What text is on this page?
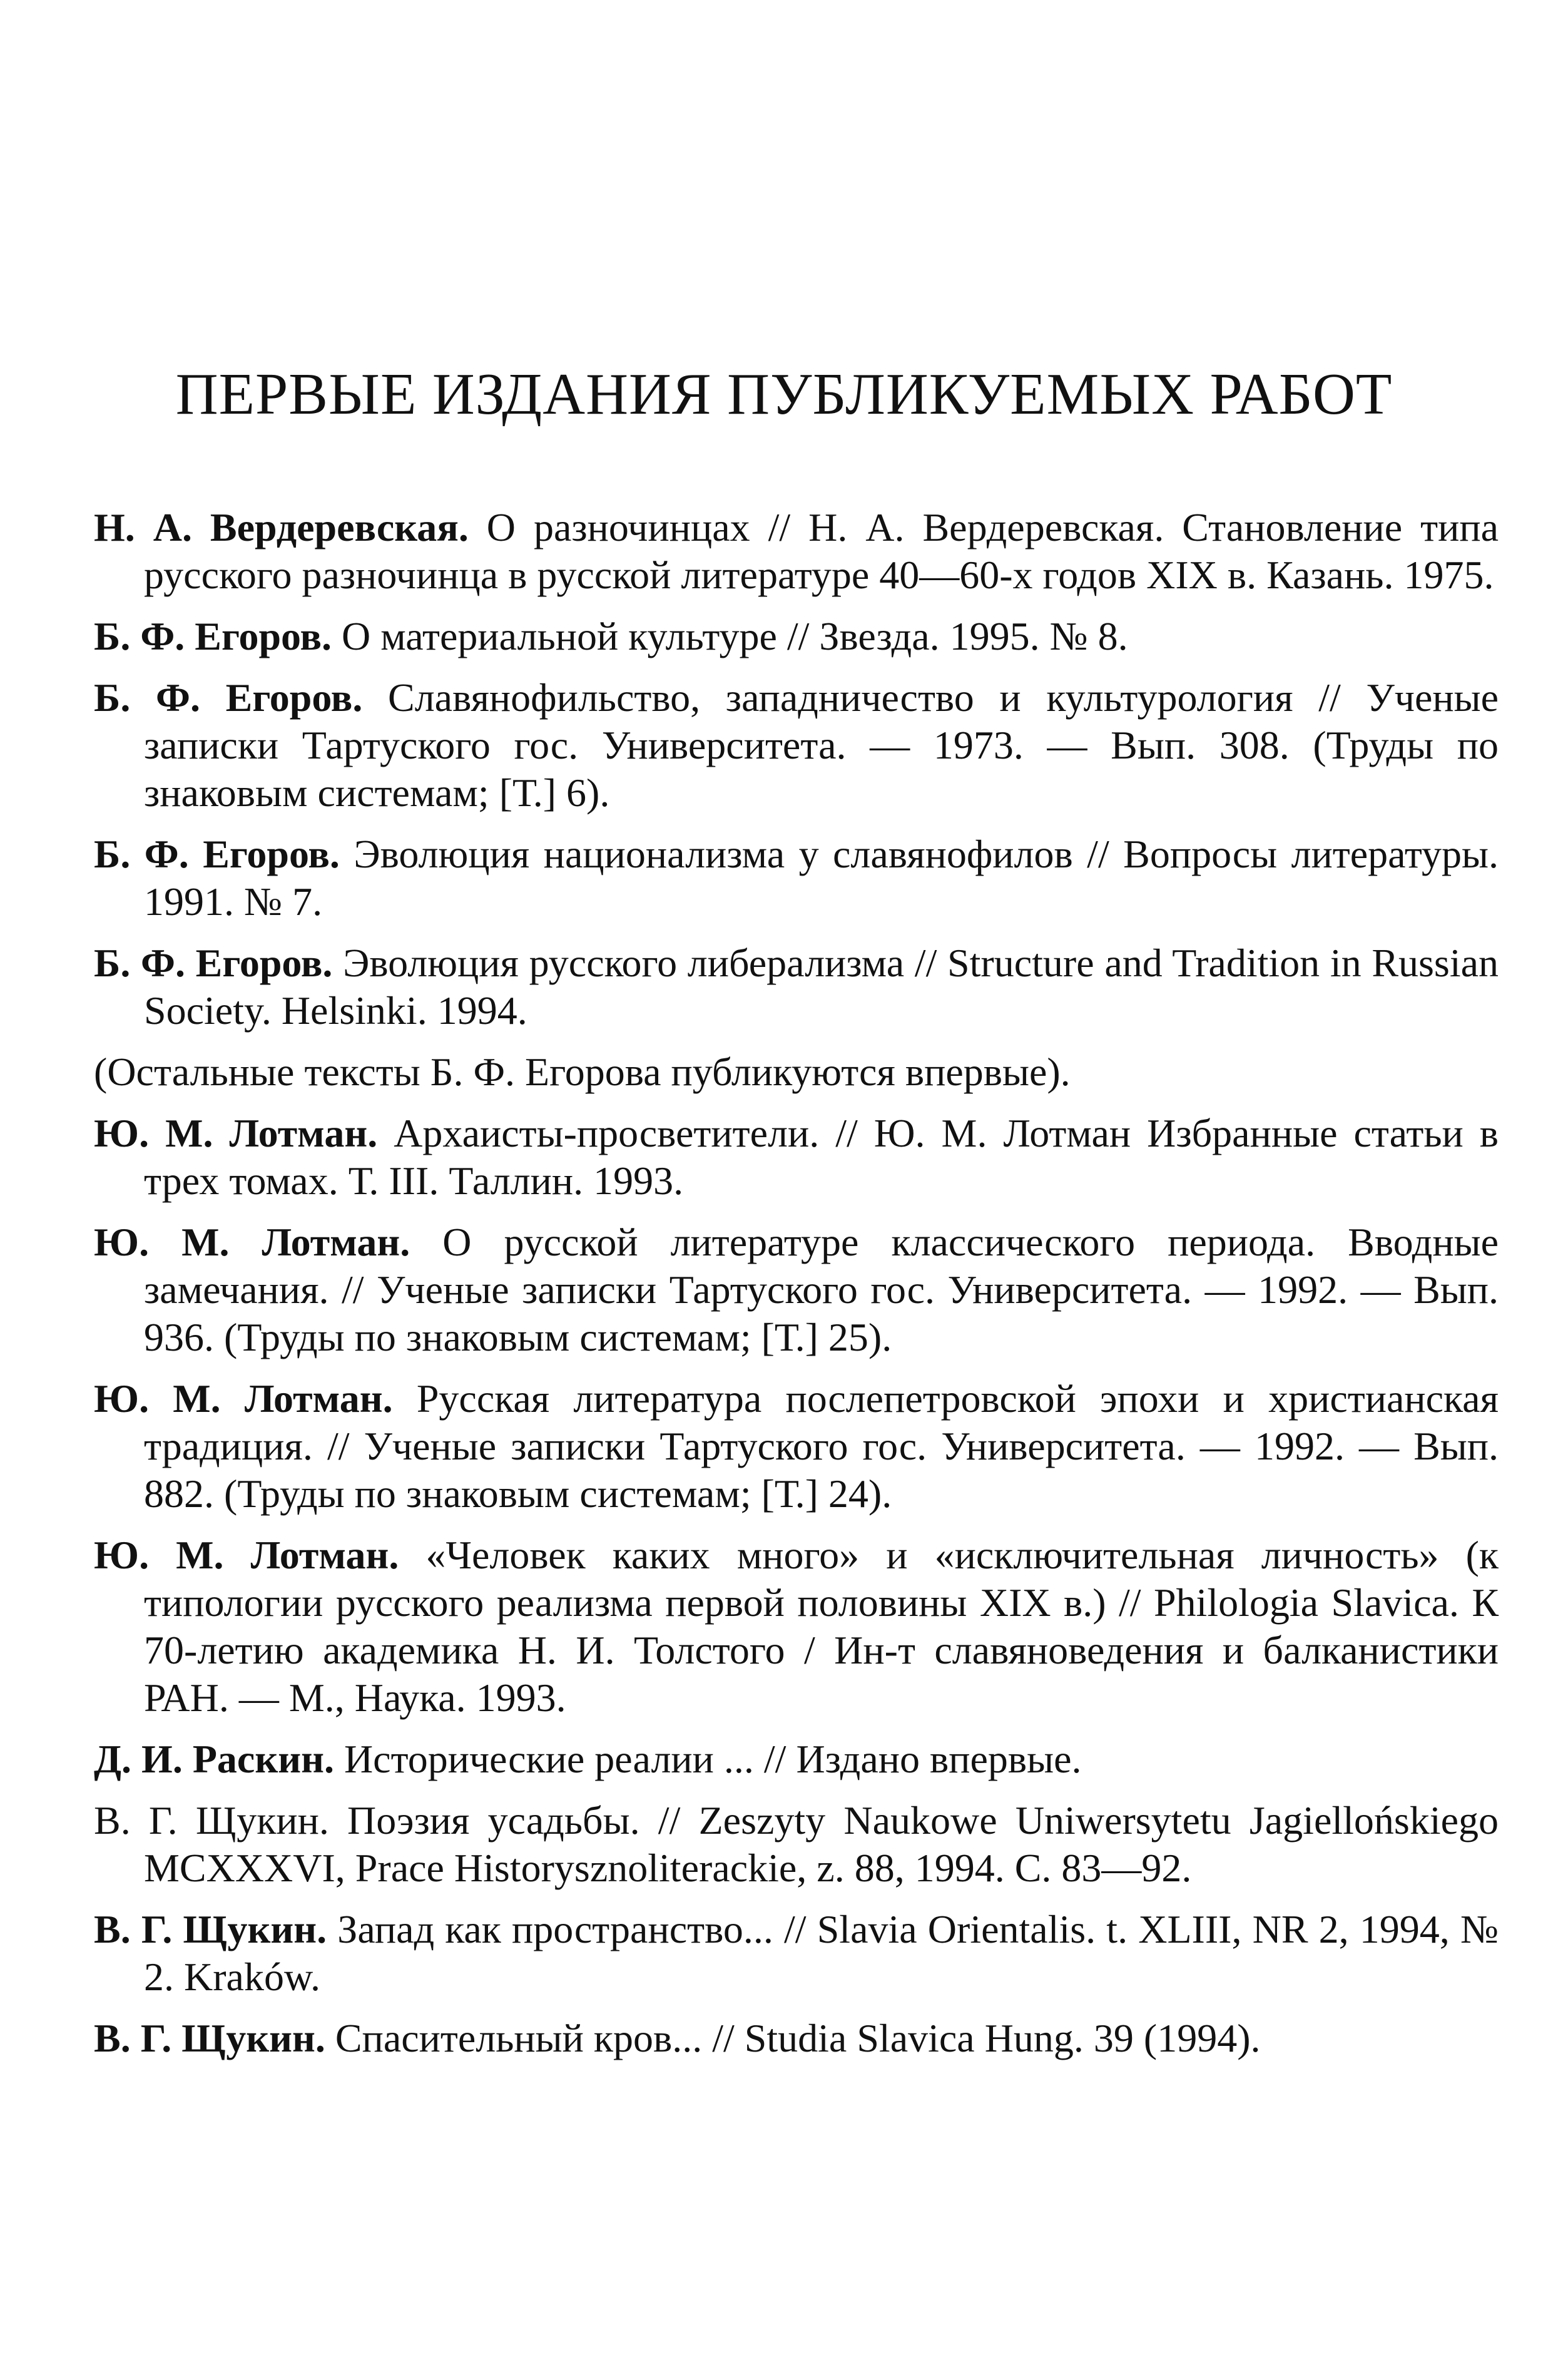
ПЕРВЫЕ ИЗДАНИЯ ПУБЛИКУЕМЫХ РАБОТ

Н. А. Вердеревская. О разночинцах // Н. А. Вердеревская. Становление типа русского разночинца в русской литературе 40—60-х годов XIX в. Казань. 1975.

Б. Ф. Егоров. О материальной культуре // Звезда. 1995. № 8.

Б. Ф. Егоров. Славянофильство, западничество и культурология // Ученые записки Тартуского гос. Университета. — 1973. — Вып. 308. (Труды по знаковым системам; [Т.] 6).

Б. Ф. Егоров. Эволюция национализма у славянофилов // Вопросы литературы. 1991. № 7.

Б. Ф. Егоров. Эволюция русского либерализма // Structure and Tradition in Russian Society. Helsinki. 1994.

(Остальные тексты Б. Ф. Егорова публикуются впервые).

Ю. М. Лотман. Архаисты-просветители. // Ю. М. Лотман Избранные статьи в трех томах. Т. III. Таллин. 1993.

Ю. М. Лотман. О русской литературе классического периода. Вводные замечания. // Ученые записки Тартуского гос. Университета. — 1992. — Вып. 936. (Труды по знаковым системам; [Т.] 25).

Ю. М. Лотман. Русская литература послепетровской эпохи и христианская традиция. // Ученые записки Тартуского гос. Университета. — 1992. — Вып. 882. (Труды по знаковым системам; [Т.] 24).

Ю. М. Лотман. «Человек каких много» и «исключительная личность» (к типологии русского реализма первой половины XIX в.) // Philologia Slavica. К 70-летию академика Н. И. Толстого / Ин-т славяноведения и балканистики РАН. — М., Наука. 1993.

Д. И. Раскин. Исторические реалии ... // Издано впервые.

В. Г. Щукин. Поэзия усадьбы. // Zeszyty Naukowe Uniwersytetu Jagiellońskiego MCXXXVI, Prace Historysznoliterackie, z. 88, 1994. С. 83—92.

В. Г. Щукин. Запад как пространство... // Slavia Orientalis. t. XLIII, NR 2, 1994, № 2. Kraków.

В. Г. Щукин. Спасительный кров... // Studia Slavica Hung. 39 (1994).
